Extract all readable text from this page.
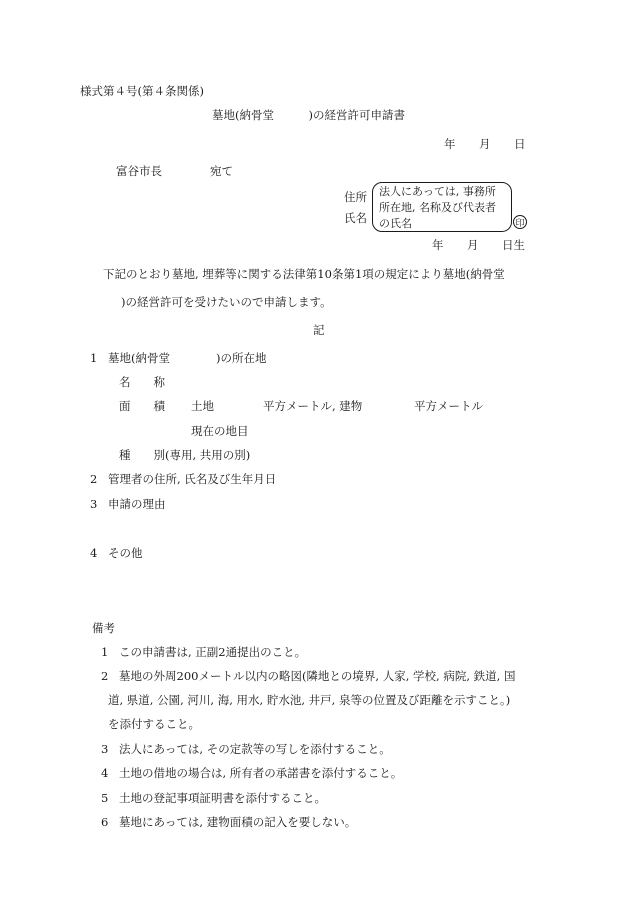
様式第４号(第４条関係)
墓地(納骨堂　　　)の経営許可申請書
年 月 日
富谷市長	宛て
住所
氏名
法人にあっては, 事務所
所在地, 名称及び代表者
の氏名	印
年 月 日生
下記のとおり墓地, 埋葬等に関する法律第10条第1項の規定により墓地(納骨堂
)の経営許可を受けたいので申請します。
記
1 墓地(納骨堂　　　　)の所在地
名　　称
面　　積 土地	平方メートル, 建物	平方メートル
現在の地目
種　　別(専用, 共用の別)
2 管理者の住所, 氏名及び生年月日
3 申請の理由
4 その他
備考
1 この申請書は, 正副2通提出のこと。
2 墓地の外周200メートル以内の略図(隣地との境界, 人家, 学校, 病院, 鉄道, 国
道, 県道, 公園, 河川, 海, 用水, 貯水池, 井戸, 泉等の位置及び距離を示すこと。)
を添付すること。
3 法人にあっては, その定款等の写しを添付すること。
4 土地の借地の場合は, 所有者の承諾書を添付すること。
5 土地の登記事項証明書を添付すること。
6 墓地にあっては, 建物面積の記入を要しない。
